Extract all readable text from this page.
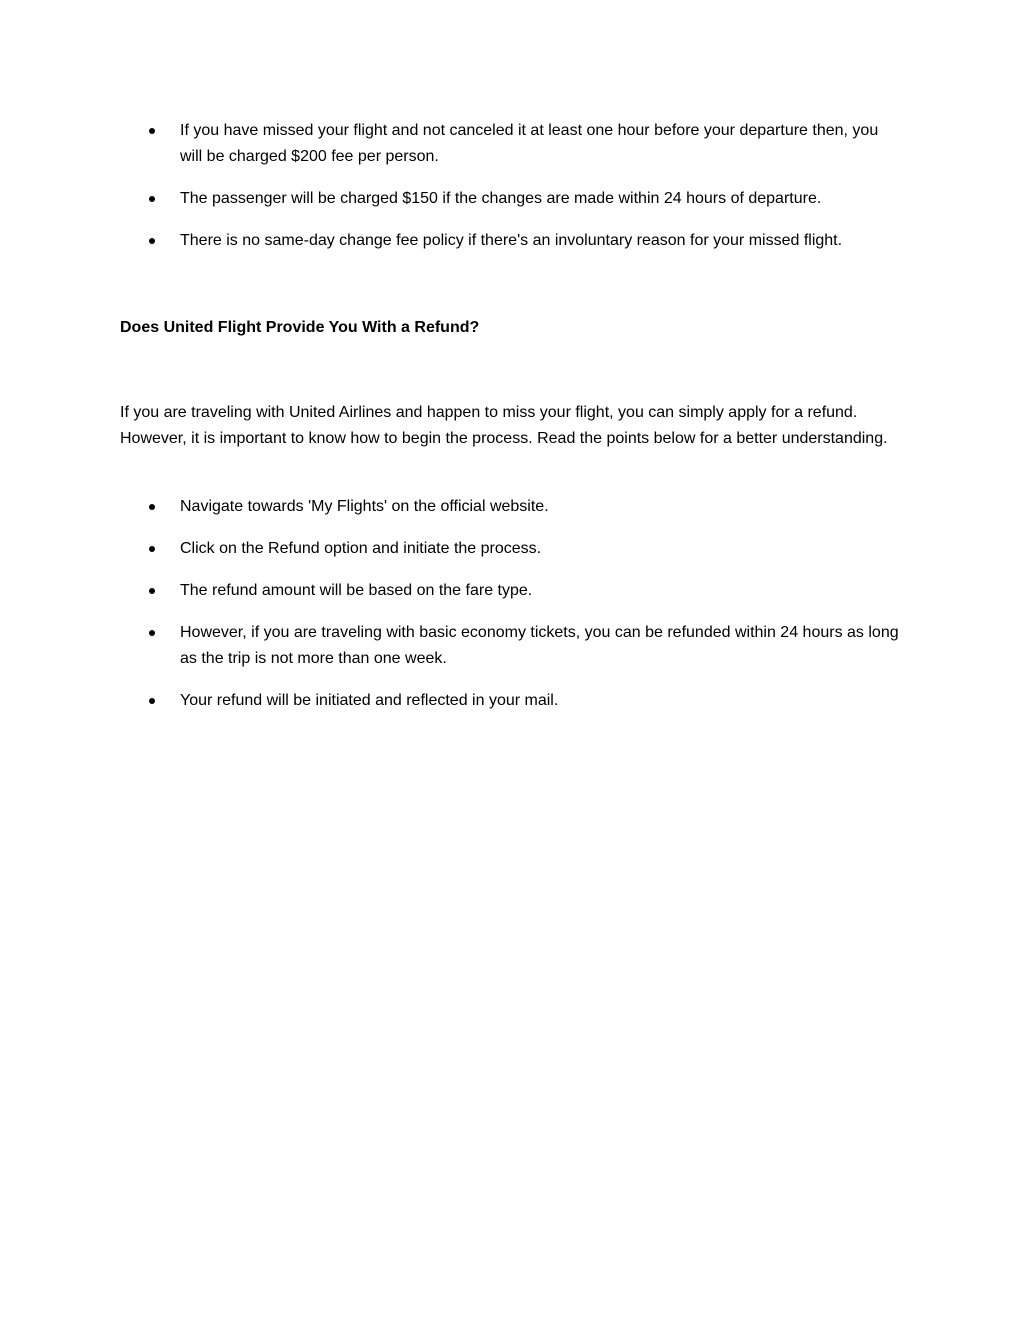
If you have missed your flight and not canceled it at least one hour before your departure then, you will be charged $200 fee per person.
The passenger will be charged $150 if the changes are made within 24 hours of departure.
There is no same-day change fee policy if there's an involuntary reason for your missed flight.
Does United Flight Provide You With a Refund?

If you are traveling with United Airlines and happen to miss your flight, you can simply apply for a refund. However, it is important to know how to begin the process. Read the points below for a better understanding.

Navigate towards 'My Flights' on the official website.
Click on the Refund option and initiate the process.
The refund amount will be based on the fare type.
However, if you are traveling with basic economy tickets, you can be refunded within 24 hours as long as the trip is not more than one week.
Your refund will be initiated and reflected in your mail.
